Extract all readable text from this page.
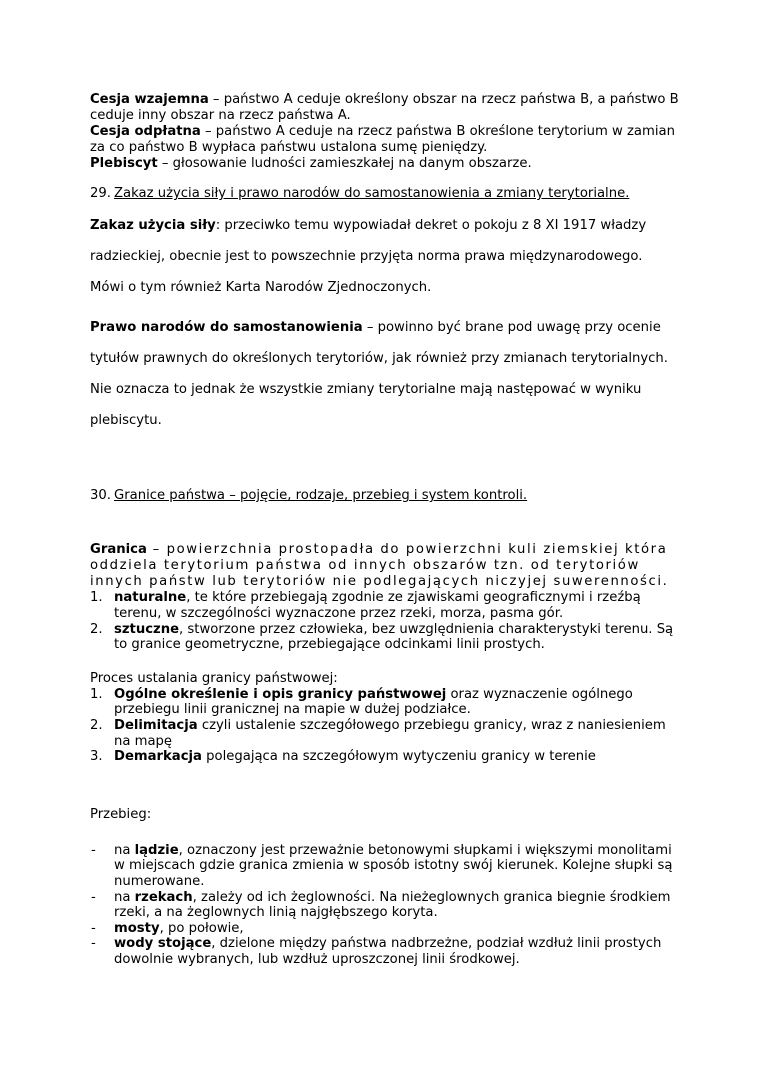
Cesja wzajemna – państwo A ceduje określony obszar na rzecz państwa B, a państwo B ceduje inny obszar na rzecz państwa A.

Cesja odpłatna – państwo A ceduje na rzecz państwa B określone terytorium w zamian za co państwo B wypłaca państwu ustalona sumę pieniędzy.

Plebiscyt – głosowanie ludności zamieszkałej na danym obszarze.

29. Zakaz użycia siły i prawo narodów do samostanowienia a zmiany terytorialne.

Zakaz użycia siły: przeciwko temu wypowiadał dekret o pokoju z 8 XI 1917 władzy radzieckiej, obecnie jest to powszechnie przyjęta norma prawa międzynarodowego. Mówi o tym również Karta Narodów Zjednoczonych.

Prawo narodów do samostanowienia – powinno być brane pod uwagę przy ocenie tytułów prawnych do określonych terytoriów, jak również przy zmianach terytorialnych. Nie oznacza to jednak że wszystkie zmiany terytorialne mają następować w wyniku plebiscytu.

30. Granice państwa – pojęcie, rodzaje, przebieg i system kontroli.

Granica – powierzchnia prostopadła do powierzchni kuli ziemskiej która oddziela terytorium państwa od innych obszarów tzn. od terytoriów innych państw lub terytoriów nie podlegających niczyjej suwerenności.

1. naturalne, te które przebiegają zgodnie ze zjawiskami geograficznymi i rzeźbą terenu, w szczególności wyznaczone przez rzeki, morza, pasma gór.
2. sztuczne, stworzone przez człowieka, bez uwzględnienia charakterystyki terenu. Są to granice geometryczne, przebiegające odcinkami linii prostych.

Proces ustalania granicy państwowej:

1. Ogólne określenie i opis granicy państwowej oraz wyznaczenie ogólnego przebiegu linii granicznej na mapie w dużej podziałce.
2. Delimitacja czyli ustalenie szczegółowego przebiegu granicy, wraz z naniesieniem na mapę
3. Demarkacja polegająca na szczegółowym wytyczeniu granicy w terenie

Przebieg:

- na lądzie, oznaczony jest przeważnie betonowymi słupkami i większymi monolitami w miejscach gdzie granica zmienia w sposób istotny swój kierunek. Kolejne słupki są numerowane.
- na rzekach, zależy od ich żeglowności. Na nieżeglownych granica biegnie środkiem rzeki, a na żeglownych linią najgłębszego koryta.
- mosty, po połowie,
- wody stojące, dzielone między państwa nadbrzeżne, podział wzdłuż linii prostych dowolnie wybranych, lub wzdłuż uproszczonej linii środkowej.
